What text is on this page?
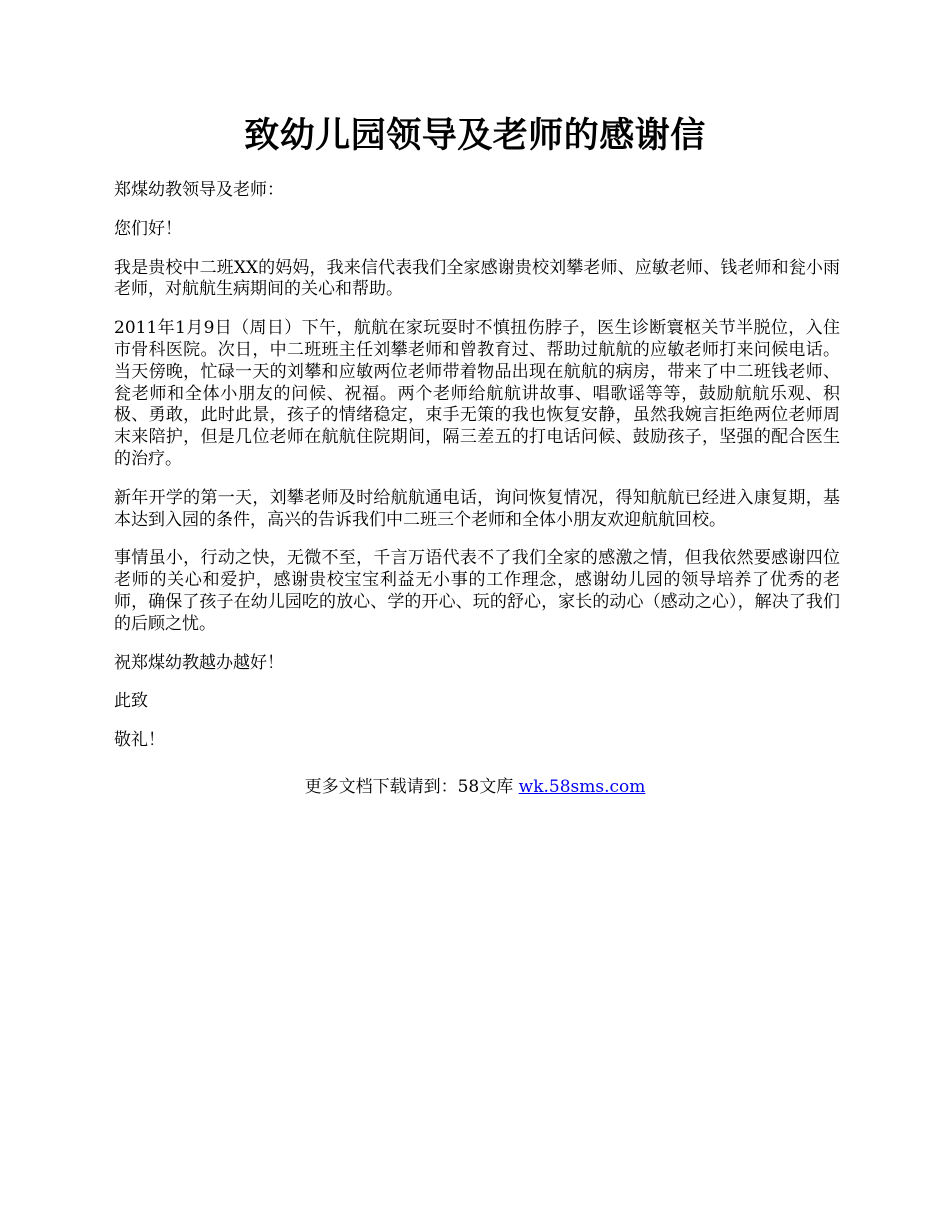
致幼儿园领导及老师的感谢信

郑煤幼教领导及老师：

您们好！

我是贵校中二班XX的妈妈，我来信代表我们全家感谢贵校刘攀老师、应敏老师、钱老师和瓮小雨老师，对航航生病期间的关心和帮助。

2011年1月9日（周日）下午，航航在家玩耍时不慎扭伤脖子，医生诊断寰枢关节半脱位，入住市骨科医院。次日，中二班班主任刘攀老师和曾教育过、帮助过航航的应敏老师打来问候电话。当天傍晚，忙碌一天的刘攀和应敏两位老师带着物品出现在航航的病房，带来了中二班钱老师、瓮老师和全体小朋友的问候、祝福。两个老师给航航讲故事、唱歌谣等等，鼓励航航乐观、积极、勇敢，此时此景，孩子的情绪稳定，束手无策的我也恢复安静，虽然我婉言拒绝两位老师周末来陪护，但是几位老师在航航住院期间，隔三差五的打电话问候、鼓励孩子，坚强的配合医生的治疗。

新年开学的第一天，刘攀老师及时给航航通电话，询问恢复情况，得知航航已经进入康复期，基本达到入园的条件，高兴的告诉我们中二班三个老师和全体小朋友欢迎航航回校。

事情虽小，行动之快，无微不至，千言万语代表不了我们全家的感激之情，但我依然要感谢四位老师的关心和爱护，感谢贵校宝宝利益无小事的工作理念，感谢幼儿园的领导培养了优秀的老师，确保了孩子在幼儿园吃的放心、学的开心、玩的舒心，家长的动心（感动之心），解决了我们的后顾之忧。

祝郑煤幼教越办越好！

此致

敬礼！

更多文档下载请到：58文库 wk.58sms.com
